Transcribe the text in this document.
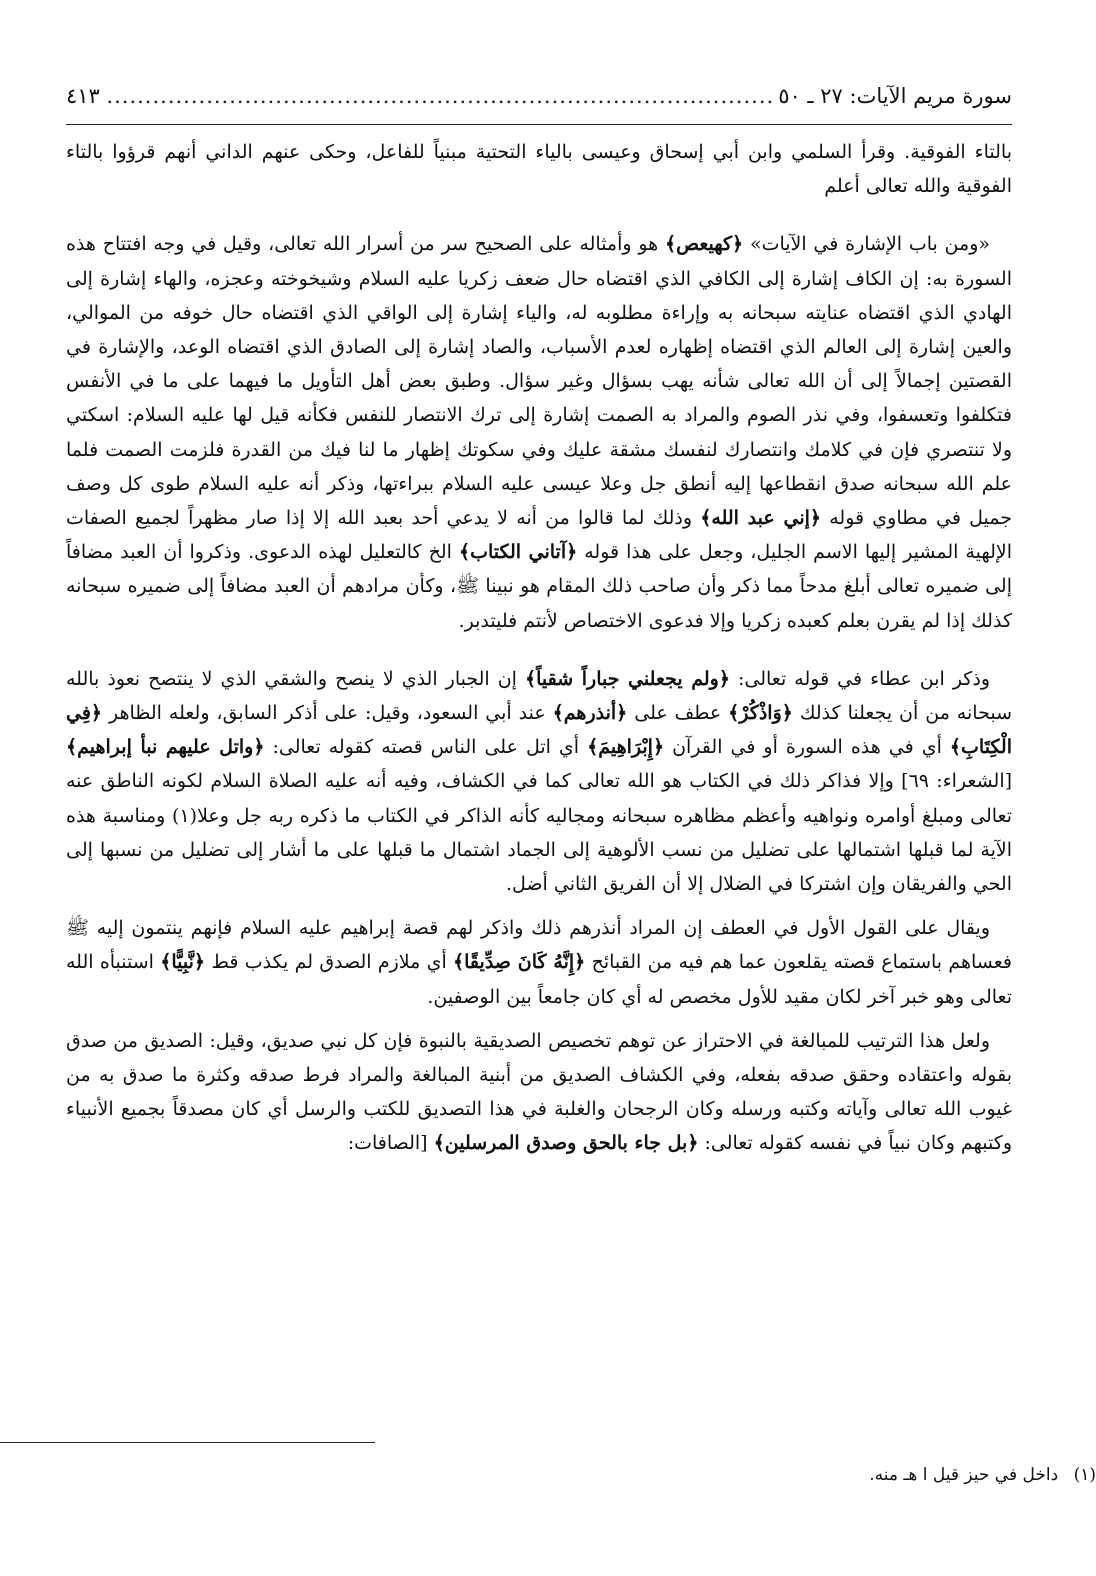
سورة مريم الآيات: ٢٧ ـ ٥٠
.....
٤١٣

بالتاء الفوقية. وقرأ السلمي وابن أبي إسحاق وعيسى بالياء التحتية مبنياً للفاعل، وحكى عنهم الداني أنهم قرؤوا بالتاء الفوقية والله تعالى أعلم

«ومن باب الإشارة في الآيات» ﴿كهيعص﴾ هو وأمثاله على الصحيح سر من أسرار الله تعالى، وقيل في وجه افتتاح هذه السورة به: إن الكاف إشارة إلى الكافي الذي اقتضاه حال ضعف زكريا عليه السلام وشيخوخته وعجزه، والهاء إشارة إلى الهادي الذي اقتضاه عنايته سبحانه به وإراءة مطلوبه له، والياء إشارة إلى الواقي الذي اقتضاه حال خوفه من الموالي، والعين إشارة إلى العالم الذي اقتضاه إظهاره لعدم الأسباب، والصاد إشارة إلى الصادق الذي اقتضاه الوعد، والإشارة في القصتين إجمالاً إلى أن الله تعالى شأنه يهب بسؤال وغير سؤال. وطبق بعض أهل التأويل ما فيهما على ما في الأنفس فتكلفوا وتعسفوا، وفي نذر الصوم والمراد به الصمت إشارة إلى ترك الانتصار للنفس فكأنه قيل لها عليه السلام: اسكتي ولا تنتصري فإن في كلامك وانتصارك لنفسك مشقة عليك وفي سكوتك إظهار ما لنا فيك من القدرة فلزمت الصمت فلما علم الله سبحانه صدق انقطاعها إليه أنطق جل وعلا عيسى عليه السلام ببراءتها، وذكر أنه عليه السلام طوى كل وصف جميل في مطاوي قوله ﴿إني عبد الله﴾ وذلك لما قالوا من أنه لا يدعي أحد بعبد الله إلا إذا صار مظهراً لجميع الصفات الإلهية المشير إليها الاسم الجليل، وجعل على هذا قوله ﴿آتاني الكتاب﴾ الخ كالتعليل لهذه الدعوى. وذكروا أن العبد مضافاً إلى ضميره تعالى أبلغ مدحاً مما ذكر وأن صاحب ذلك المقام هو نبينا ﷺ، وكأن مرادهم أن العبد مضافاً إلى ضميره سبحانه كذلك إذا لم يقرن بعلم كعبده زكريا وإلا فدعوى الاختصاص لأنتم فليتدبر.

وذكر ابن عطاء في قوله تعالى: ﴿ولم يجعلني جباراً شقياً﴾ إن الجبار الذي لا ينصح والشقي الذي لا ينتصح نعوذ بالله سبحانه من أن يجعلنا كذلك ﴿وَاذْكُرْ﴾ عطف على ﴿أنذرهم﴾ عند أبي السعود، وقيل: على أذكر السابق، ولعله الظاهر ﴿فِي الْكِتَابِ﴾ أي في هذه السورة أو في القرآن ﴿إِبْرَاهِيمَ﴾ أي اتل على الناس قصته كقوله تعالى: ﴿واتل عليهم نبأ إبراهيم﴾ [الشعراء: ٦٩] وإلا فذاكر ذلك في الكتاب هو الله تعالى كما في الكشاف، وفيه أنه عليه الصلاة السلام لكونه الناطق عنه تعالى ومبلغ أوامره ونواهيه وأعظم مظاهره سبحانه ومجاليه كأنه الذاكر في الكتاب ما ذكره ربه جل وعلا(١) ومناسبة هذه الآية لما قبلها اشتمالها على تضليل من نسب الألوهية إلى الجماد اشتمال ما قبلها على ما أشار إلى تضليل من نسبها إلى الحي والفريقان وإن اشتركا في الضلال إلا أن الفريق الثاني أضل.

ويقال على القول الأول في العطف إن المراد أنذرهم ذلك واذكر لهم قصة إبراهيم عليه السلام فإنهم ينتمون إليه ﷺ فعساهم باستماع قصته يقلعون عما هم فيه من القبائح ﴿إِنَّهُ كَانَ صِدِّيقًا﴾ أي ملازم الصدق لم يكذب قط ﴿نَّبِيًّا﴾ استنبأه الله تعالى وهو خبر آخر لكان مقيد للأول مخصص له أي كان جامعاً بين الوصفين.

ولعل هذا الترتيب للمبالغة في الاحتراز عن توهم تخصيص الصديقية بالنبوة فإن كل نبي صديق، وقيل: الصديق من صدق بقوله واعتقاده وحقق صدقه بفعله، وفي الكشاف الصديق من أبنية المبالغة والمراد فرط صدقه وكثرة ما صدق به من غيوب الله تعالى وآياته وكتبه ورسله وكان الرجحان والغلبة في هذا التصديق للكتب والرسل أي كان مصدقاً بجميع الأنبياء وكتبهم وكان نبياً في نفسه كقوله تعالى: ﴿بل جاء بالحق وصدق المرسلين﴾ [الصافات:

(١) داخل في حيز قيل ا هـ منه.
